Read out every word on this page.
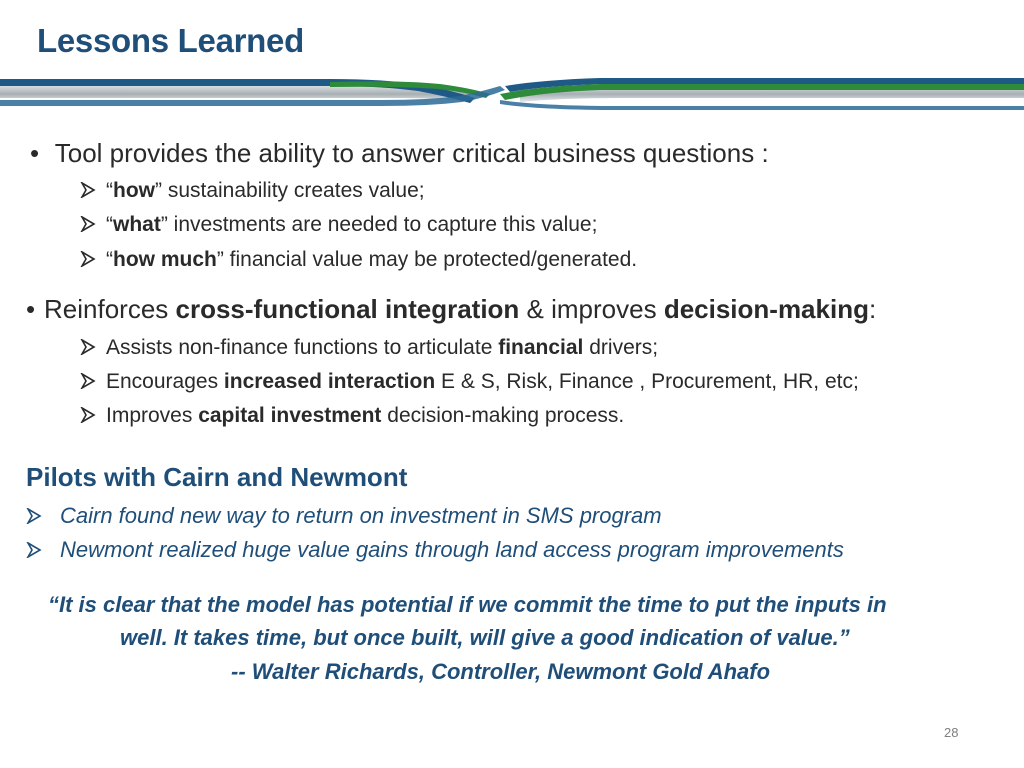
Lessons Learned
• Tool provides the ability to answer critical business questions :
“how” sustainability creates value;
“what” investments are needed to capture this value;
“how much” financial value may be protected/generated.
• Reinforces cross-functional integration & improves decision-making:
Assists non-finance functions to articulate financial drivers;
Encourages increased interaction E & S, Risk, Finance , Procurement, HR, etc;
Improves capital investment decision-making process.
Pilots with Cairn and Newmont
Cairn found new way to return on investment in SMS program
Newmont realized huge value gains through land access program improvements
“It is clear that the model has potential if we commit the time to put the inputs in
well. It takes time, but once built, will give a good indication of value.”
-- Walter Richards, Controller, Newmont Gold Ahafo
28
